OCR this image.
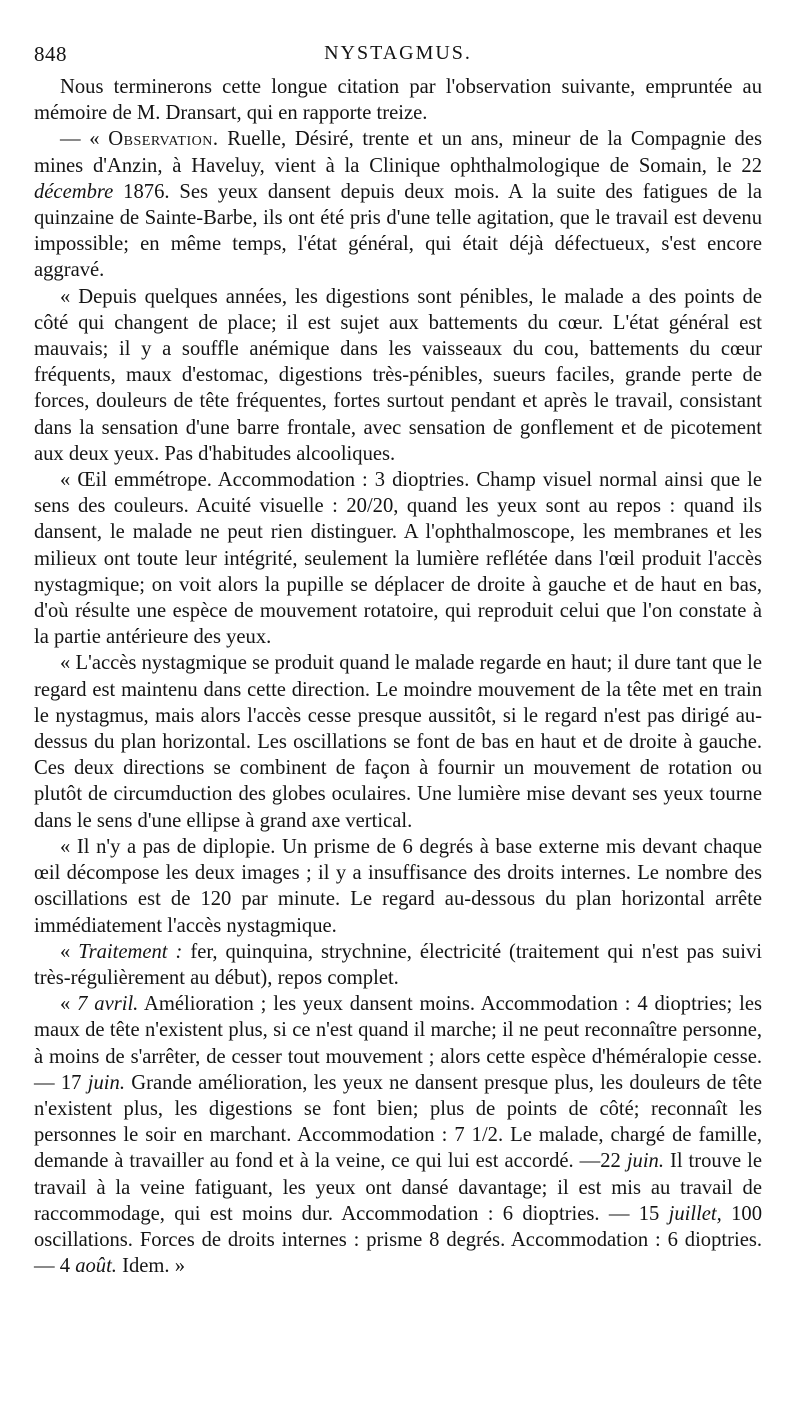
848	NYSTAGMUS.

Nous terminerons cette longue citation par l'observation suivante, empruntée au mémoire de M. Dransart, qui en rapporte treize.

— « Observation. Ruelle, Désiré, trente et un ans, mineur de la Compagnie des mines d'Anzin, à Haveluy, vient à la Clinique ophthalmologique de Somain, le 22 décembre 1876. Ses yeux dansent depuis deux mois. A la suite des fatigues de la quinzaine de Sainte-Barbe, ils ont été pris d'une telle agitation, que le travail est devenu impossible; en même temps, l'état général, qui était déjà défectueux, s'est encore aggravé.

« Depuis quelques années, les digestions sont pénibles, le malade a des points de côté qui changent de place; il est sujet aux battements du cœur. L'état général est mauvais; il y a souffle anémique dans les vaisseaux du cou, battements du cœur fréquents, maux d'estomac, digestions très-pénibles, sueurs faciles, grande perte de forces, douleurs de tête fréquentes, fortes surtout pendant et après le travail, consistant dans la sensation d'une barre frontale, avec sensation de gonflement et de picotement aux deux yeux. Pas d'habitudes alcooliques.

« Œil emmétrope. Accommodation : 3 dioptries. Champ visuel normal ainsi que le sens des couleurs. Acuité visuelle : 20/20, quand les yeux sont au repos : quand ils dansent, le malade ne peut rien distinguer. A l'ophthalmoscope, les membranes et les milieux ont toute leur intégrité, seulement la lumière reflétée dans l'œil produit l'accès nystagmique; on voit alors la pupille se déplacer de droite à gauche et de haut en bas, d'où résulte une espèce de mouvement rotatoire, qui reproduit celui que l'on constate à la partie antérieure des yeux.

« L'accès nystagmique se produit quand le malade regarde en haut; il dure tant que le regard est maintenu dans cette direction. Le moindre mouvement de la tête met en train le nystagmus, mais alors l'accès cesse presque aussitôt, si le regard n'est pas dirigé au-dessus du plan horizontal. Les oscillations se font de bas en haut et de droite à gauche. Ces deux directions se combinent de façon à fournir un mouvement de rotation ou plutôt de circumduction des globes oculaires. Une lumière mise devant ses yeux tourne dans le sens d'une ellipse à grand axe vertical.

« Il n'y a pas de diplopie. Un prisme de 6 degrés à base externe mis devant chaque œil décompose les deux images ; il y a insuffisance des droits internes. Le nombre des oscillations est de 120 par minute. Le regard au-dessous du plan horizontal arrête immédiatement l'accès nystagmique.

« Traitement : fer, quinquina, strychnine, électricité (traitement qui n'est pas suivi très-régulièrement au début), repos complet.

« 7 avril. Amélioration ; les yeux dansent moins. Accommodation : 4 dioptries; les maux de tête n'existent plus, si ce n'est quand il marche; il ne peut reconnaître personne, à moins de s'arrêter, de cesser tout mouvement ; alors cette espèce d'héméralopie cesse. — 17 juin. Grande amélioration, les yeux ne dansent presque plus, les douleurs de tête n'existent plus, les digestions se font bien; plus de points de côté; reconnaît les personnes le soir en marchant. Accommodation : 7 1/2. Le malade, chargé de famille, demande à travailler au fond et à la veine, ce qui lui est accordé. —22 juin. Il trouve le travail à la veine fatiguant, les yeux ont dansé davantage; il est mis au travail de raccommodage, qui est moins dur. Accommodation : 6 dioptries. — 15 juillet, 100 oscillations. Forces de droits internes : prisme 8 degrés. Accommodation : 6 dioptries. — 4 août. Idem. »
